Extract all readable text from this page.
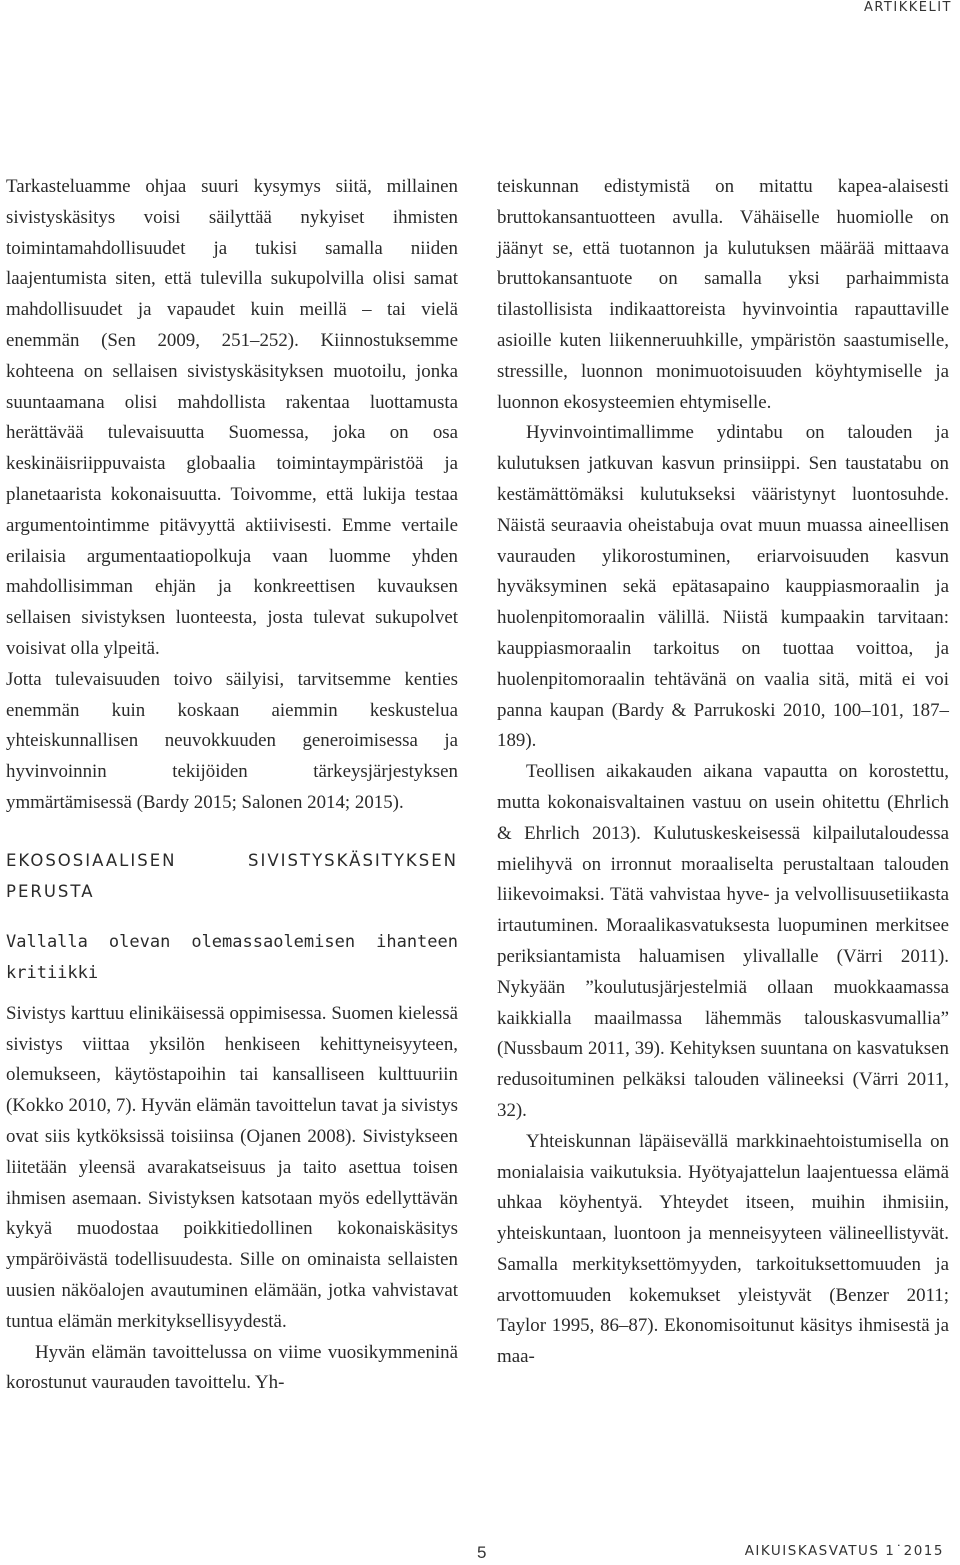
ARTIKKELIT

Tarkasteluamme ohjaa suuri kysymys siitä, millainen sivistyskäsitys voisi säilyttää nykyiset ihmisten toimintamahdollisuudet ja tukisi samalla niiden laajentumista siten, että tulevilla sukupolvilla olisi samat mahdollisuudet ja vapaudet kuin meillä – tai vielä enemmän (Sen 2009, 251–252). Kiinnostuksemme kohteena on sellaisen sivistyskäsityksen muotoilu, jonka suuntaamana olisi mahdollista rakentaa luottamusta herättävää tulevaisuutta Suomessa, joka on osa keskinäisriippuvaista globaalia toimintaympäristöä ja planetaarista kokonaisuutta. Toivomme, että lukija testaa argumentointimme pitävyyttä aktiivisesti. Emme vertaile erilaisia argumentaatiopolkuja vaan luomme yhden mahdollisimman ehjän ja konkreettisen kuvauksen sellaisen sivistyksen luonteesta, josta tulevat sukupolvet voisivat olla ylpeitä.

Jotta tulevaisuuden toivo säilyisi, tarvitsemme kenties enemmän kuin koskaan aiemmin keskustelua yhteiskunnallisen neuvokkuuden generoimisessa ja hyvinvoinnin tekijöiden tärkeysjärjestyksen ymmärtämisessä (Bardy 2015; Salonen 2014; 2015).

EKOSOSIAALISEN SIVISTYSKÄSITYKSEN PERUSTA
Vallalla olevan olemassaolemisen ihanteen kritiikki

Sivistys karttuu elinikäisessä oppimisessa. Suomen kielessä sivistys viittaa yksilön henkiseen kehittyneisyyteen, olemukseen, käytöstapoihin tai kansalliseen kulttuuriin (Kokko 2010, 7). Hyvän elämän tavoittelun tavat ja sivistys ovat siis kytköksissä toisiinsa (Ojanen 2008). Sivistykseen liitetään yleensä avarakatseisuus ja taito asettua toisen ihmisen asemaan. Sivistyksen katsotaan myös edellyttävän kykyä muodostaa poikkitiedollinen kokonaiskäsitys ympäröivästä todellisuudesta. Sille on ominaista sellaisten uusien näköalojen avautuminen elämään, jotka vahvistavat tuntua elämän merkityksellisyydestä.

Hyvän elämän tavoittelussa on viime vuosikymmeninä korostunut vaurauden tavoittelu. Yh-

teiskunnan edistymistä on mitattu kapea-alaisesti bruttokansantuotteen avulla. Vähäiselle huomiolle on jäänyt se, että tuotannon ja kulutuksen määrää mittaava bruttokansantuote on samalla yksi parhaimmista tilastollisista indikaattoreista hyvinvointia rapauttaville asioille kuten liikenneruuhkille, ympäristön saastumiselle, stressille, luonnon monimuotoisuuden köyhtymiselle ja luonnon ekosysteemien ehtymiselle.

Hyvinvointimallimme ydintabu on talouden ja kulutuksen jatkuvan kasvun prinsiippi. Sen taustatabu on kestämättömäksi kulutukseksi vääristynyt luontosuhde. Näistä seuraavia oheistabuja ovat muun muassa aineellisen vaurauden ylikorostuminen, eriarvoisuuden kasvun hyväksyminen sekä epätasapaino kauppiasmoraalin ja huolenpitomoraalin välillä. Niistä kumpaakin tarvitaan: kauppiasmoraalin tarkoitus on tuottaa voittoa, ja huolenpitomoraalin tehtävänä on vaalia sitä, mitä ei voi panna kaupan (Bardy & Parrukoski 2010, 100–101, 187–189).

Teollisen aikakauden aikana vapautta on korostettu, mutta kokonaisvaltainen vastuu on usein ohitettu (Ehrlich & Ehrlich 2013). Kulutuskeskeisessä kilpailutaloudessa mielihyvä on irronnut moraaliselta perustaltaan talouden liikevoimaksi. Tätä vahvistaa hyve- ja velvollisuusetiikasta irtautuminen. Moraalikasvatuksesta luopuminen merkitsee periksiantamista haluamisen ylivallalle (Värri 2011). Nykyään ”koulutusjärjestelmiä ollaan muokkaamassa kaikkialla maailmassa lähemmäs talouskasvumallia” (Nussbaum 2011, 39). Kehityksen suuntana on kasvatuksen redusoituminen pelkäksi talouden välineeksi (Värri 2011, 32).

Yhteiskunnan läpäisevällä markkinaehtoistumisella on monialaisia vaikutuksia. Hyötyajattelun laajentuessa elämä uhkaa köyhentyä. Yhteydet itseen, muihin ihmisiin, yhteiskuntaan, luontoon ja menneisyyteen välineellistyvät. Samalla merkityksettömyyden, tarkoituksettomuuden ja arvottomuuden kokemukset yleistyvät (Benzer 2011; Taylor 1995, 86–87). Ekonomisoitunut käsitys ihmisestä ja maa-

5	AIKUISKASVATUS 1˙2015
